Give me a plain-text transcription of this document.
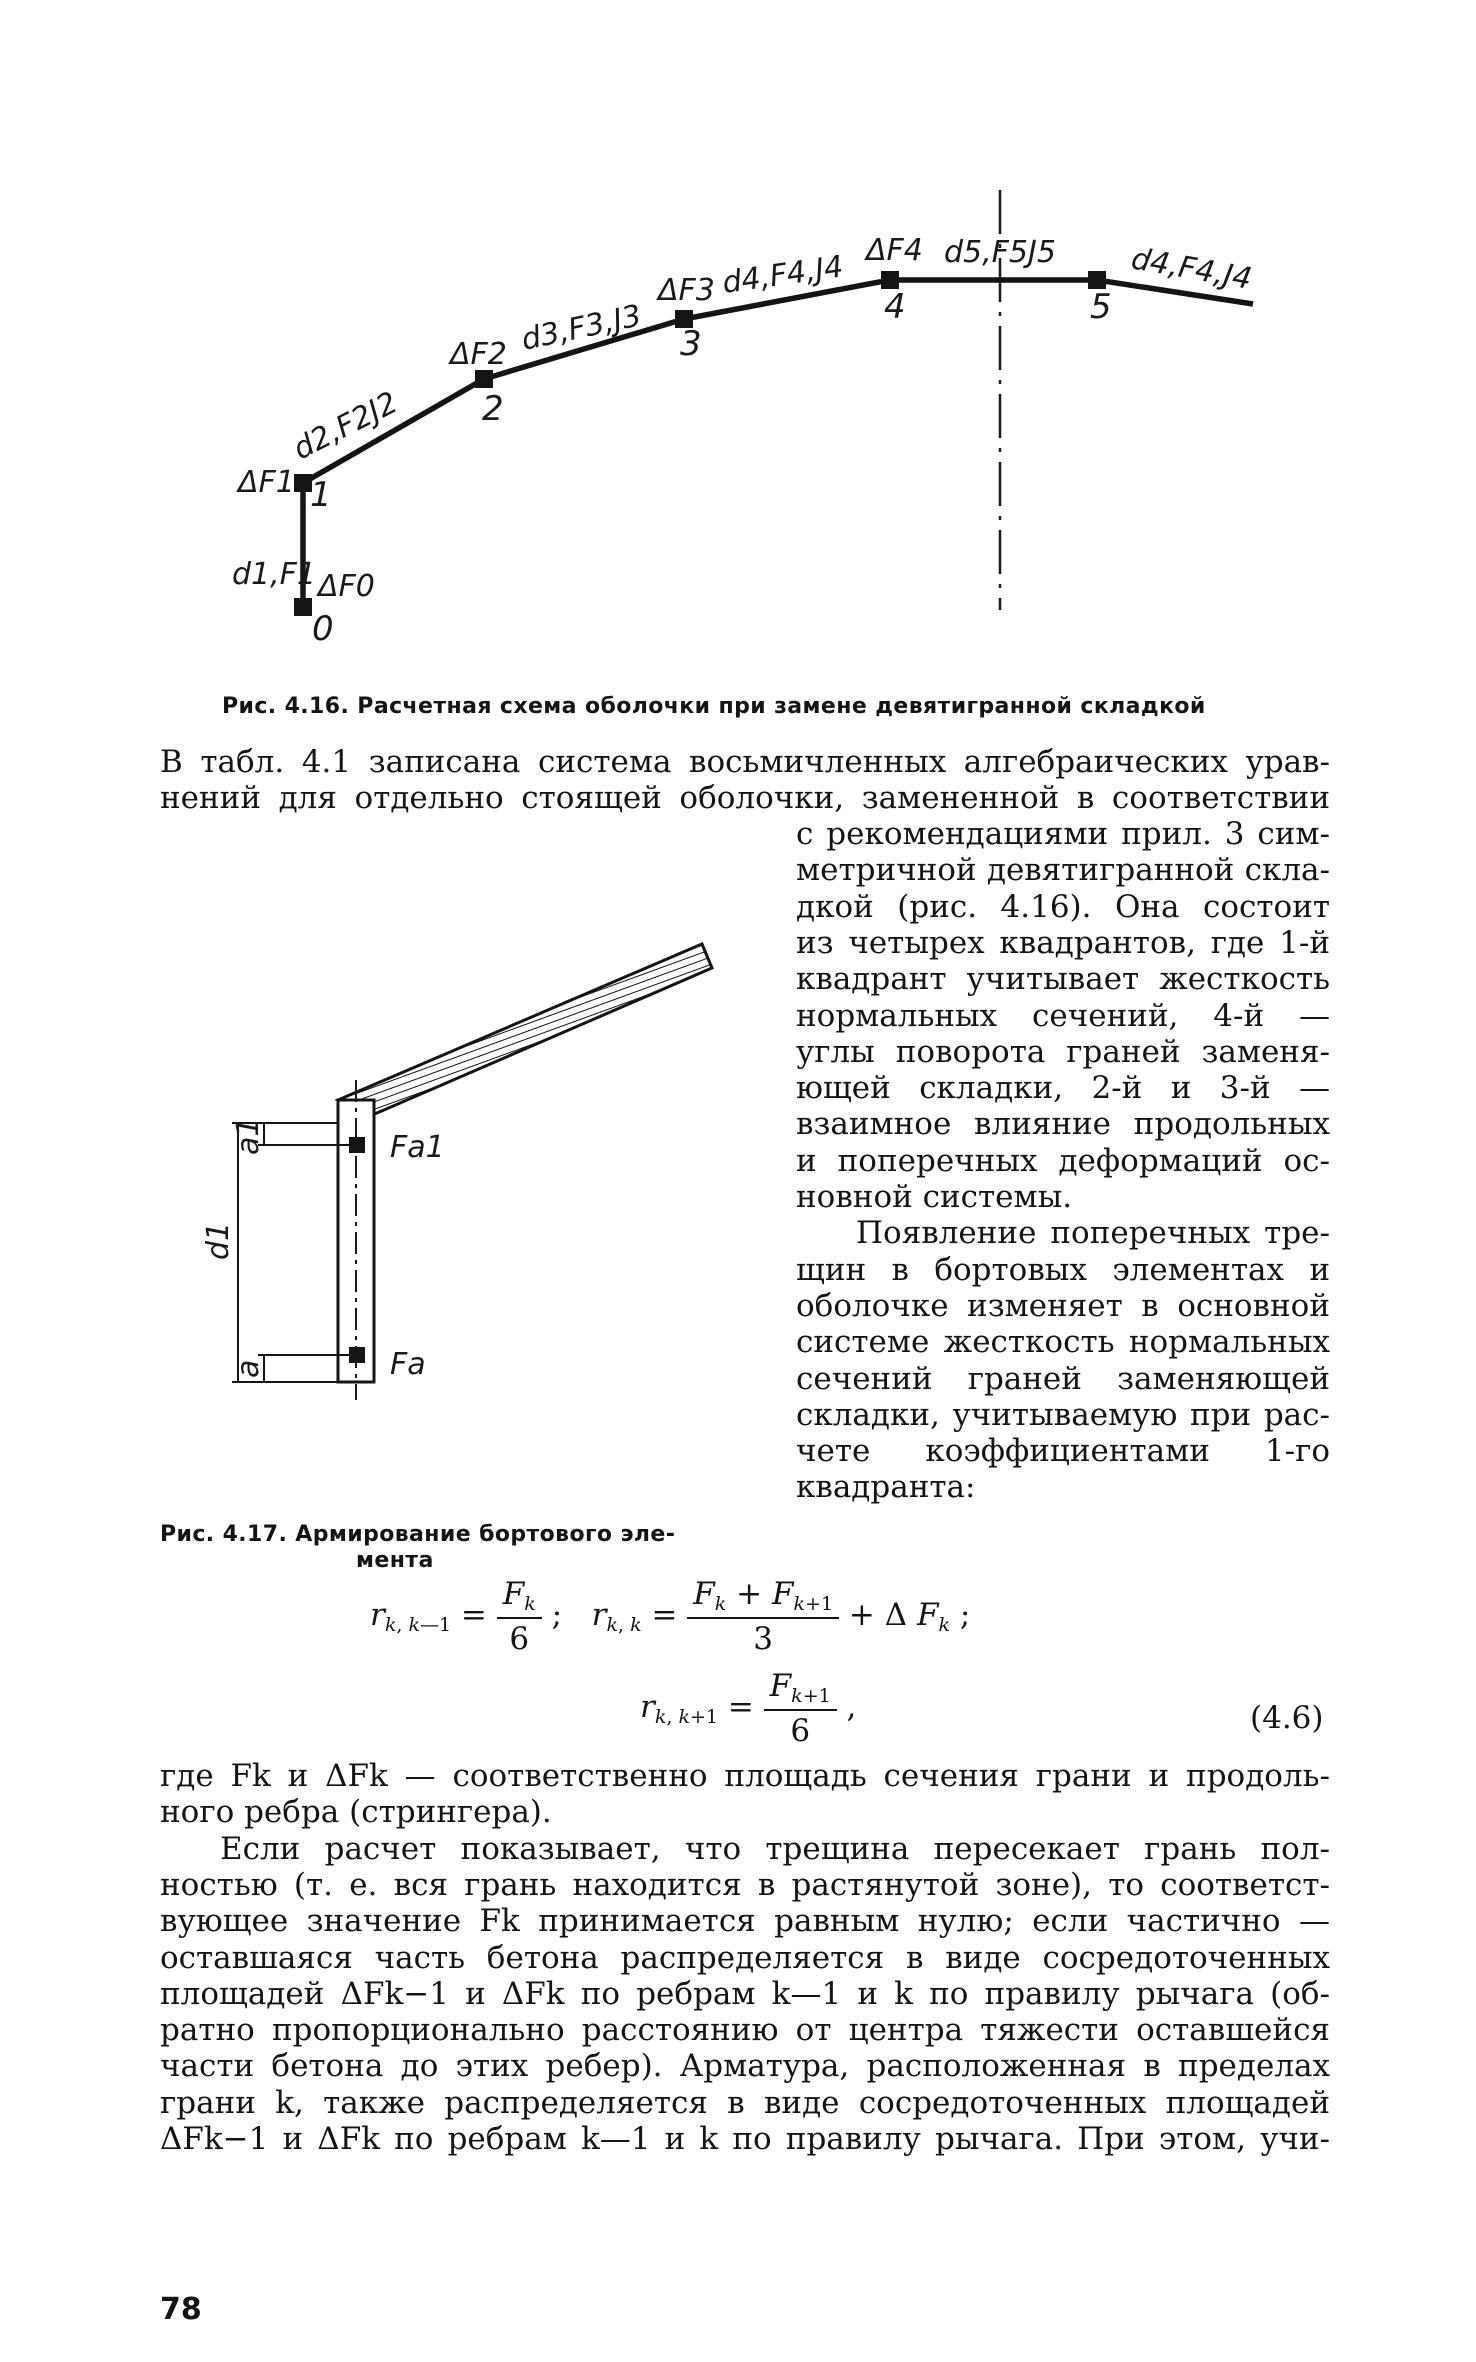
0
1
2
3
4	5
ΔF0
ΔF1
ΔF2
ΔF3
ΔF4
d1,F1
d2,F2J2
d3,F3,J3
d4,F4,J4	d5,F5J5 d4,F4,J4
Рис. 4.16. Расчетная схема оболочки при замене девятигранной складкой
В табл. 4.1 записана система восьмичленных алгебраических урав-
нений для отдельно стоящей оболочки, замененной в соответствии
Fa1
Fa
d1
a1
a
Рис. 4.17. Армирование бортового эле-
мента
с рекомендациями прил. 3 сим-
метричной девятигранной скла-
дкой (рис. 4.16). Она состоит
из четырех квадрантов, где 1-й
квадрант учитывает жесткость
нормальных сечений, 4-й —
углы поворота граней заменя-
ющей складки, 2-й и 3-й —
взаимное влияние продольных
и поперечных деформаций ос-
новной системы.
Появление поперечных тре-
щин в бортовых элементах и
оболочке изменяет в основной
системе жесткость нормальных
сечений граней заменяющей
складки, учитываемую при рас-
чете коэффициентами 1-го
квадранта:
$r_{k, k—1} = \frac{F_k}{6}$ ;   $r_{k, k} = \frac{F_k + F_{k+1}}{3} + \Delta$ $F_k$ ;
$r_{k, k+1} = \frac{F_{k+1}}{6}$ ,	(4.6)
где Fk и ΔFk — соответственно площадь сечения грани и продоль-
ного ребра (стрингера).
Если расчет показывает, что трещина пересекает грань пол-
ностью (т. е. вся грань находится в растянутой зоне), то соответст-
вующее значение Fk принимается равным нулю; если частично —
оставшаяся часть бетона распределяется в виде сосредоточенных
площадей ΔFk−1 и ΔFk по ребрам k—1 и k по правилу рычага (об-
ратно пропорционально расстоянию от центра тяжести оставшейся
части бетона до этих ребер). Арматура, расположенная в пределах
грани k, также распределяется в виде сосредоточенных площадей
ΔFk−1 и ΔFk по ребрам k—1 и k по правилу рычага. При этом, учи-
78
